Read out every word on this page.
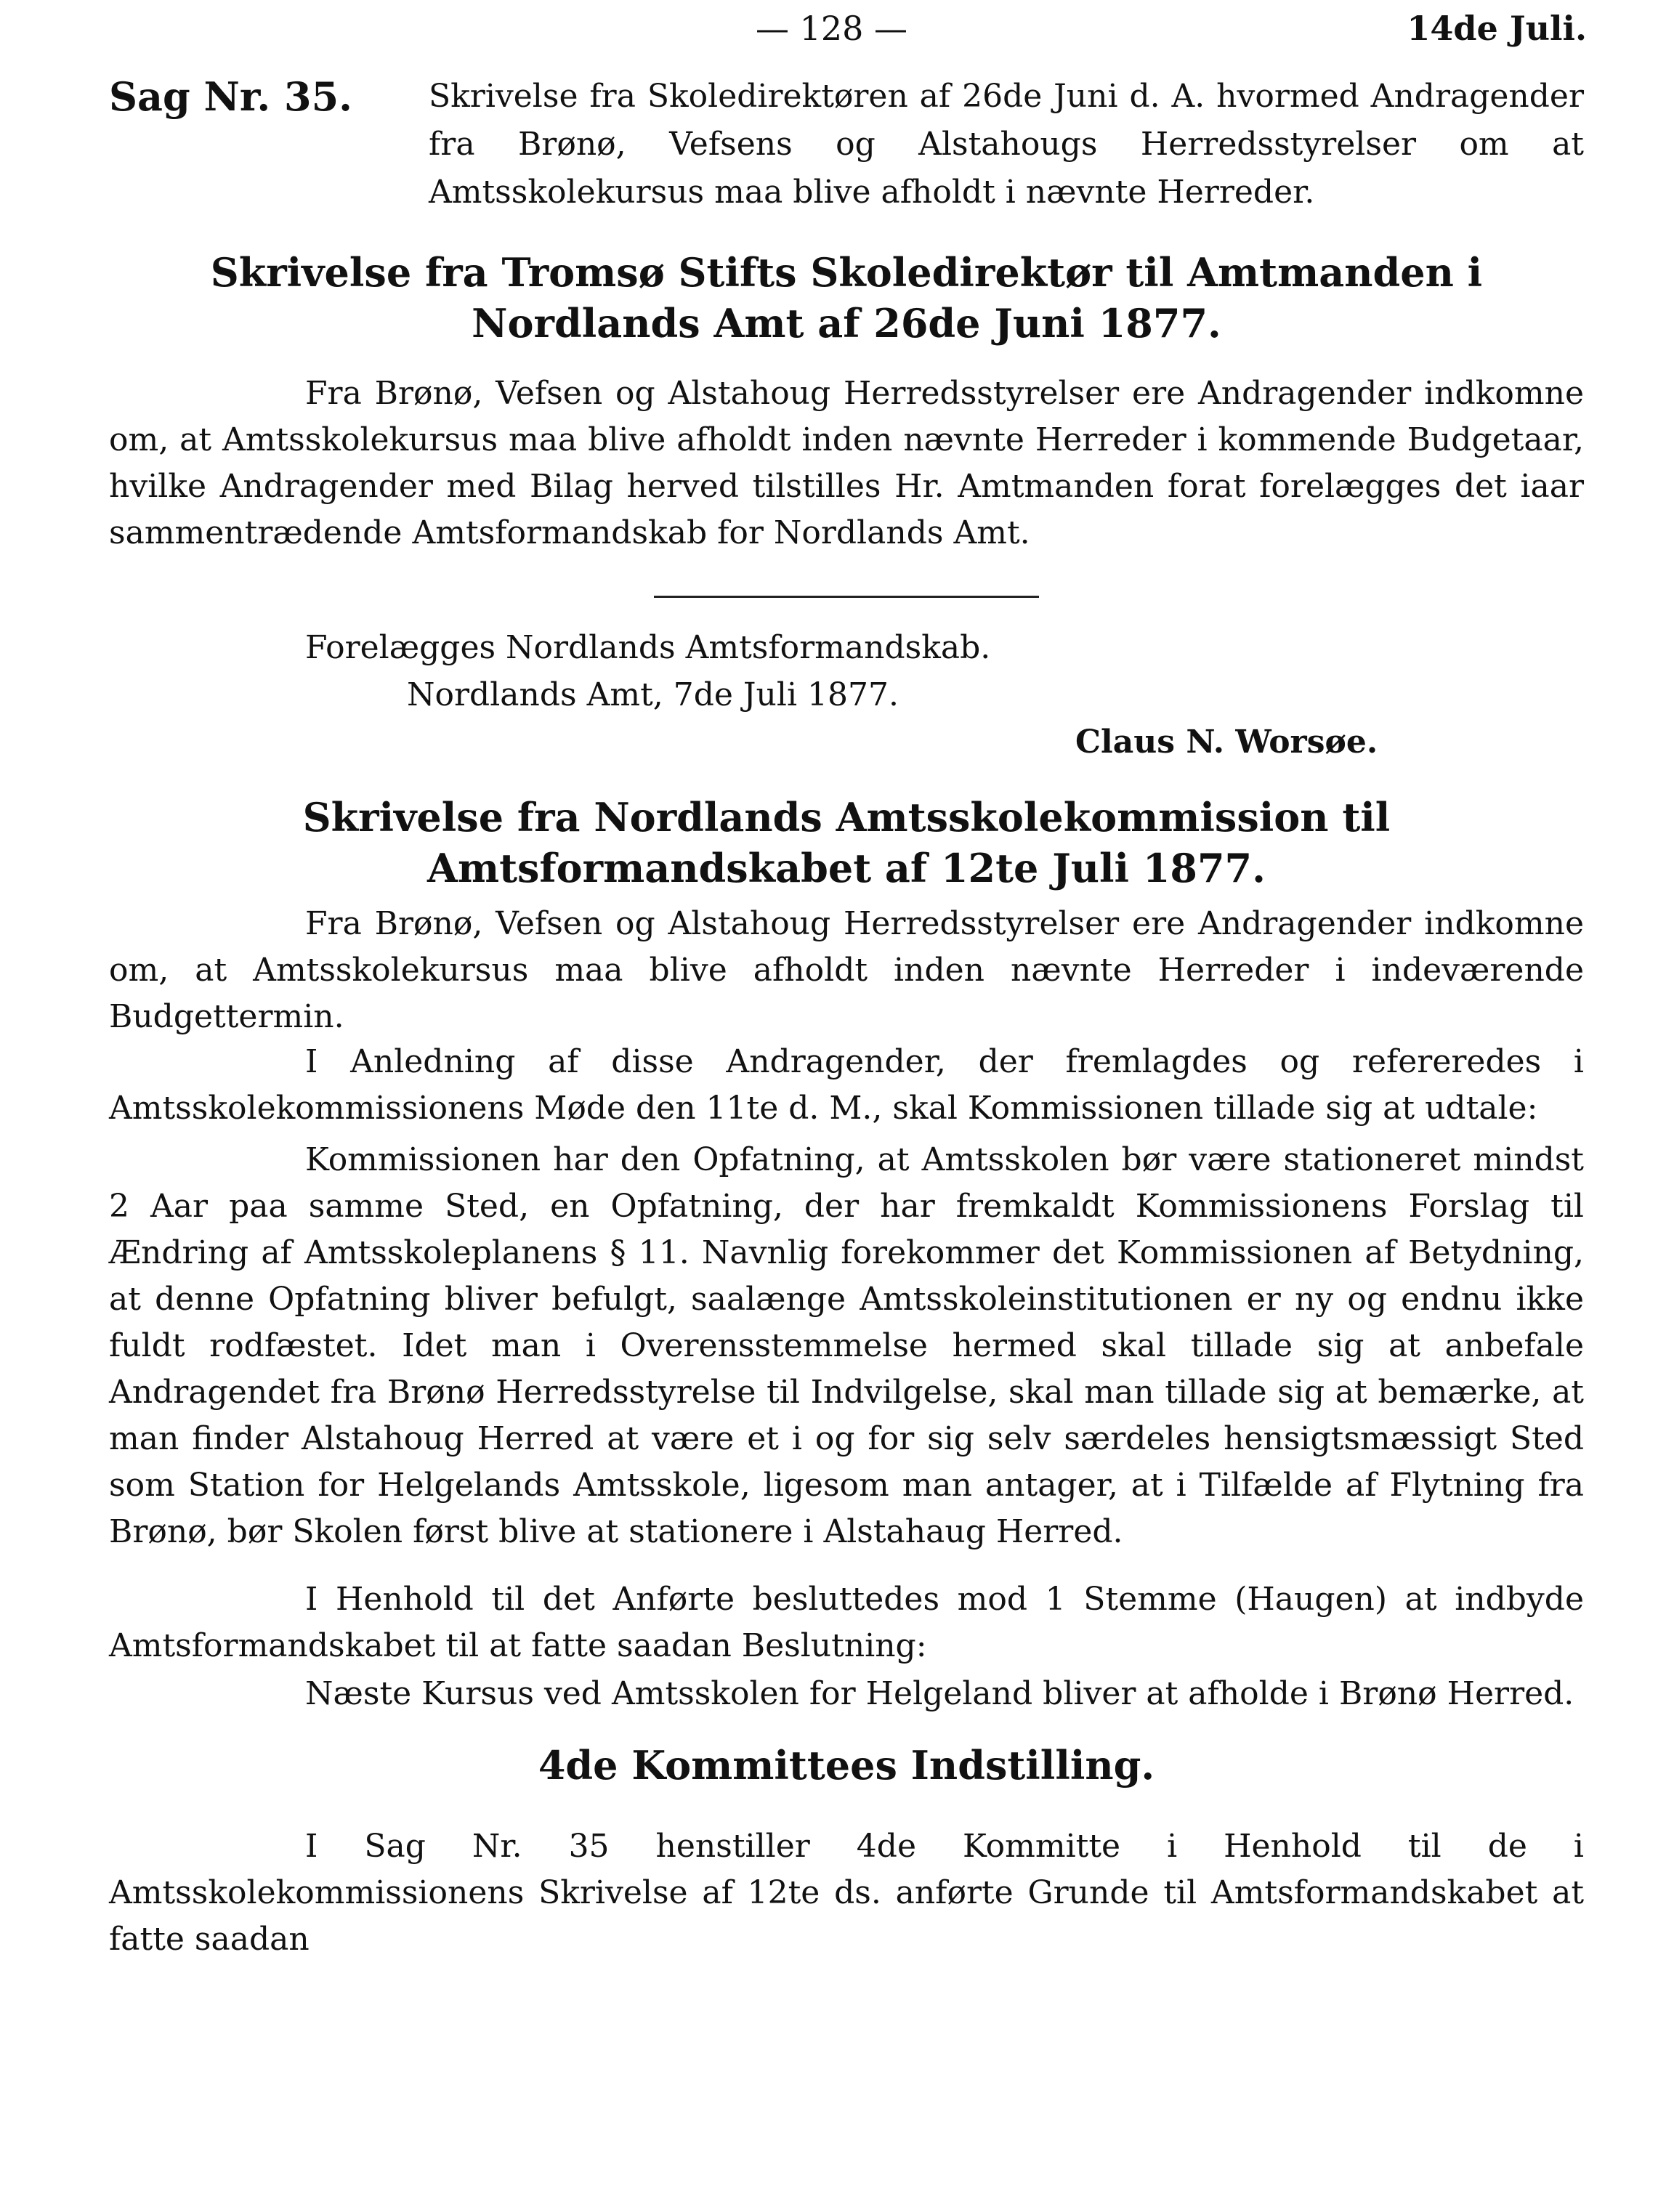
— 128 —	14de Juli.
Sag Nr. 35.	Skrivelse fra Skoledirektøren af 26de Juni d. A. hvormed Andragender fra Brønø, Vefsens og Alstahougs Herredsstyrelser om at Amtsskolekursus maa blive afholdt i nævnte Herreder.
Skrivelse fra Tromsø Stifts Skoledirektør til Amtmanden i Nordlands Amt af 26de Juni 1877.
Fra Brønø, Vefsen og Alstahoug Herredsstyrelser ere Andragender indkomne om, at Amtsskolekursus maa blive afholdt inden nævnte Herreder i kommende Budgetaar, hvilke Andragender med Bilag herved tilstilles Hr. Amtmanden forat forelægges det iaar sammentrædende Amtsformandskab for Nordlands Amt.
Forelægges Nordlands Amtsformandskab.
Nordlands Amt, 7de Juli 1877.
Claus N. Worsøe.
Skrivelse fra Nordlands Amtsskolekommission til Amtsformandskabet af 12te Juli 1877.
Fra Brønø, Vefsen og Alstahoug Herredsstyrelser ere Andragender indkomne om, at Amtsskolekursus maa blive afholdt inden nævnte Herreder i indeværende Budgettermin.
I Anledning af disse Andragender, der fremlagdes og refereredes i Amtsskolekommissionens Møde den 11te d. M., skal Kommissionen tillade sig at udtale:
Kommissionen har den Opfatning, at Amtsskolen bør være stationeret mindst 2 Aar paa samme Sted, en Opfatning, der har fremkaldt Kommissionens Forslag til Ændring af Amtsskoleplanens § 11. Navnlig forekommer det Kommissionen af Betydning, at denne Opfatning bliver befulgt, saalænge Amtsskoleinstitutionen er ny og endnu ikke fuldt rodfæstet. Idet man i Overensstemmelse hermed skal tillade sig at anbefale Andragendet fra Brønø Herredsstyrelse til Indvilgelse, skal man tillade sig at bemærke, at man finder Alstahoug Herred at være et i og for sig selv særdeles hensigtsmæssigt Sted som Station for Helgelands Amtsskole, ligesom man antager, at i Tilfælde af Flytning fra Brønø, bør Skolen først blive at stationere i Alstahaug Herred.
I Henhold til det Anførte besluttedes mod 1 Stemme (Haugen) at indbyde Amtsformandskabet til at fatte saadan Beslutning:
Næste Kursus ved Amtsskolen for Helgeland bliver at afholde i Brønø Herred.
4de Kommittees Indstilling.
I Sag Nr. 35 henstiller 4de Kommitte i Henhold til de i Amtsskolekommissionens Skrivelse af 12te ds. anførte Grunde til Amtsformandskabet at fatte saadan
